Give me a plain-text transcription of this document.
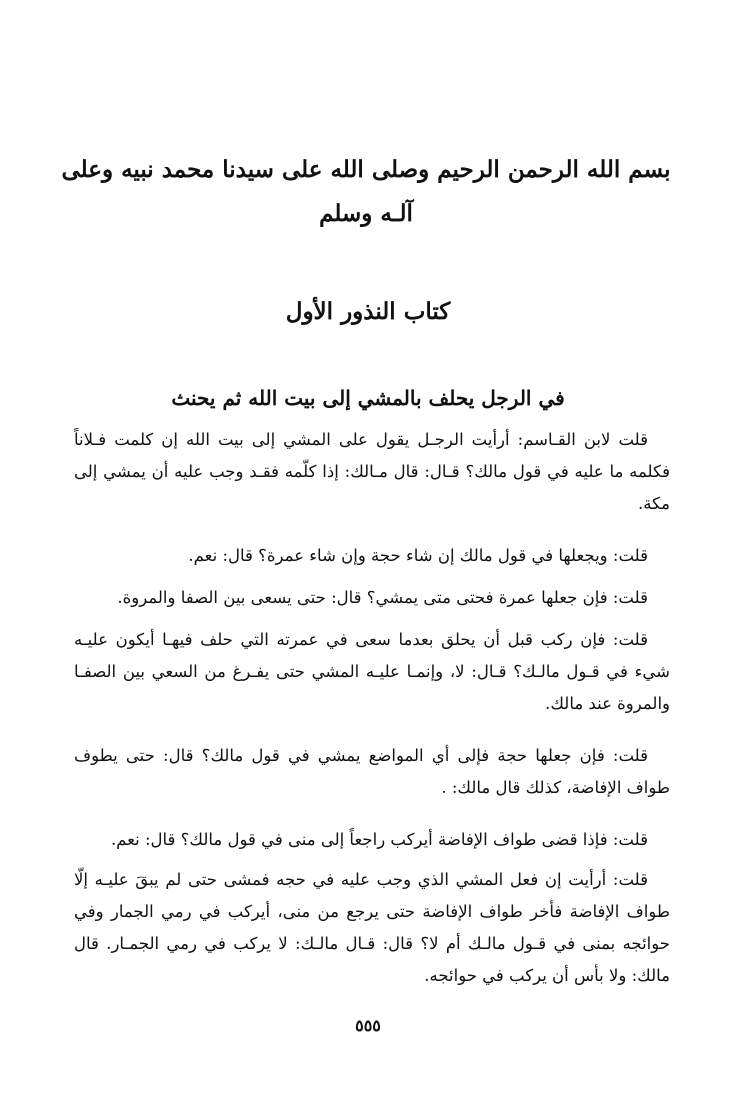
بسم الله الرحمن الرحيم وصلى الله على سيدنا محمد نبيه وعلى آلـه وسلم
كتاب النذور الأول
في الرجل يحلف بالمشي إلى بيت الله ثم يحنث

قلت لابن القـاسم: أرأيت الرجـل يقول على المشي إلى بيت الله إن كلمت فـلاناً فكلمه ما عليه في قول مالك؟ قـال: قال مـالك: إذا كلّمه فقـد وجب عليه أن يمشي إلى مكة.

قلت: ويجعلها في قول مالك إن شاء حجة وإن شاء عمرة؟ قال: نعم.

قلت: فإن جعلها عمرة فحتى متى يمشي؟ قال: حتى يسعى بين الصفا والمروة.

قلت: فإن ركب قبل أن يحلق بعدما سعى في عمرته التي حلف فيهـا أيكون عليـه شيء في قـول مالـك؟ قـال: لا، وإنمـا عليـه المشي حتى يفـرغ من السعي بين الصفـا والمروة عند مالك.

قلت: فإن جعلها حجة فإلى أي المواضع يمشي في قول مالك؟ قال: حتى يطوف طواف الإفاضة، كذلك قال مالك: .

قلت: فإذا قضى طواف الإفاضة أيركب راجعاً إلى منى في قول مالك؟ قال: نعم.

قلت: أرأيت إن فعل المشي الذي وجب عليه في حجه فمشى حتى لم يبقَ عليـه إلّا طواف الإفاضة فأخر طواف الإفاضة حتى يرجع من منى، أيركب في رمي الجمار وفي حوائجه بمنى في قـول مالـك أم لا؟ قال: قـال مالـك: لا يركب في رمي الجمـار. قال مالك: ولا بأس أن يركب في حوائجه.

٥٥٥
